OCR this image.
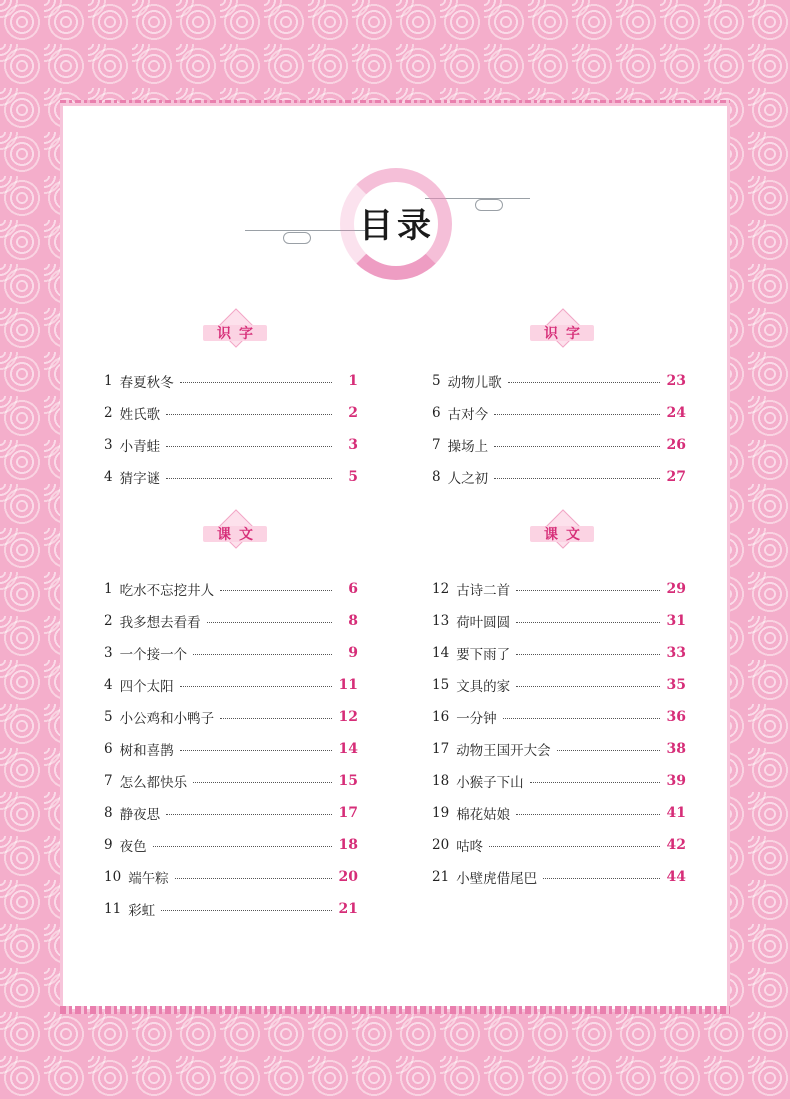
目录
识字
1 春夏秋冬	1
2 姓氏歌	2
3 小青蛙	3
4 猜字谜	5
课文
1 吃水不忘挖井人	6
2 我多想去看看	8
3 一个接一个	9
4 四个太阳	11
5 小公鸡和小鸭子	12
6 树和喜鹊	14
7 怎么都快乐	15
8 静夜思	17
9 夜色	18
10 端午粽	20
11 彩虹	21
识字
5 动物儿歌	23
6 古对今	24
7 操场上	26
8 人之初	27
课文
12 古诗二首	29
13 荷叶圆圆	31
14 要下雨了	33
15 文具的家	35
16 一分钟	36
17 动物王国开大会	38
18 小猴子下山	39
19 棉花姑娘	41
20 咕咚	42
21 小壁虎借尾巴	44
